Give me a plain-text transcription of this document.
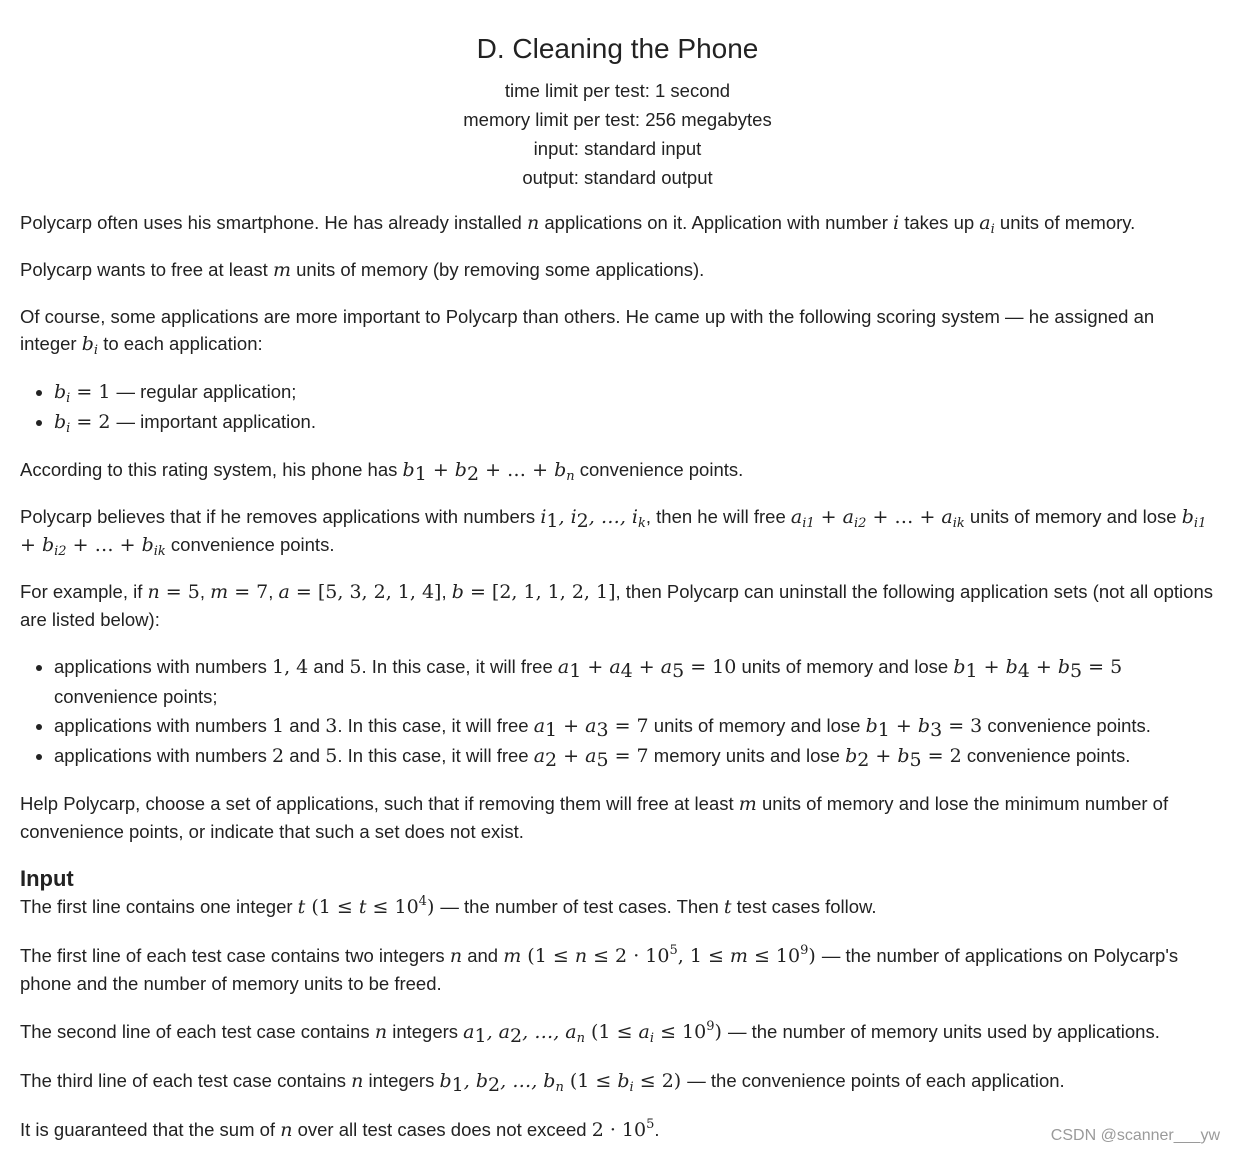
D. Cleaning the Phone
time limit per test: 1 second
memory limit per test: 256 megabytes
input: standard input
output: standard output

Polycarp often uses his smartphone. He has already installed n applications on it. Application with number i takes up $a_i$ units of memory.

Polycarp wants to free at least m units of memory (by removing some applications).

Of course, some applications are more important to Polycarp than others. He came up with the following scoring system — he assigned an integer $b_i$ to each application:

• $b_i = 1$ — regular application;
• $b_i = 2$ — important application.

According to this rating system, his phone has $b_1 + b_2$ + … + $b_n$ convenience points.

Polycarp believes that if he removes applications with numbers $i_1$, $i_2$, …, $i_k$, then he will free $a_{i1} + a_{i2}$ + … + $a_{ik}$ units of memory and lose $b_{i1} + b_{i2}$ + … + $b_{ik}$ convenience points.

For example, if n = 5, m = 7, a = [5, 3, 2, 1, 4], b = [2, 1, 1, 2, 1], then Polycarp can uninstall the following application sets (not all options are listed below):

• applications with numbers 1, 4 and 5. In this case, it will free $a_1 + a_4 + a_5 = 10$ units of memory and lose $b_1 + b_4 + b_5 = 5$ convenience points;
• applications with numbers 1 and 3. In this case, it will free $a_1 + a_3 = 7$ units of memory and lose $b_1 + b_3 = 3$ convenience points.
• applications with numbers 2 and 5. In this case, it will free $a_2 + a_5 = 7$ memory units and lose $b_2 + b_5 = 2$ convenience points.

Help Polycarp, choose a set of applications, such that if removing them will free at least m units of memory and lose the minimum number of convenience points, or indicate that such a set does not exist.

Input

The first line contains one integer t $(1 \le t \le 10^4)$ — the number of test cases. Then t test cases follow.

The first line of each test case contains two integers n and m ($1 \le n \le 2 \cdot 10^5$, $1 \le m \le 10^9$) — the number of applications on Polycarp's phone and the number of memory units to be freed.

The second line of each test case contains n integers $a_1$, $a_2$, …, $a_n$ $(1 \le a_i \le 10^9)$ — the number of memory units used by applications.

The third line of each test case contains n integers $b_1$, $b_2$, …, $b_n$ $(1 \le b_i \le 2)$ — the convenience points of each application.

It is guaranteed that the sum of n over all test cases does not exceed $2 \cdot 10^5$.	CSDN @scanner___yw
